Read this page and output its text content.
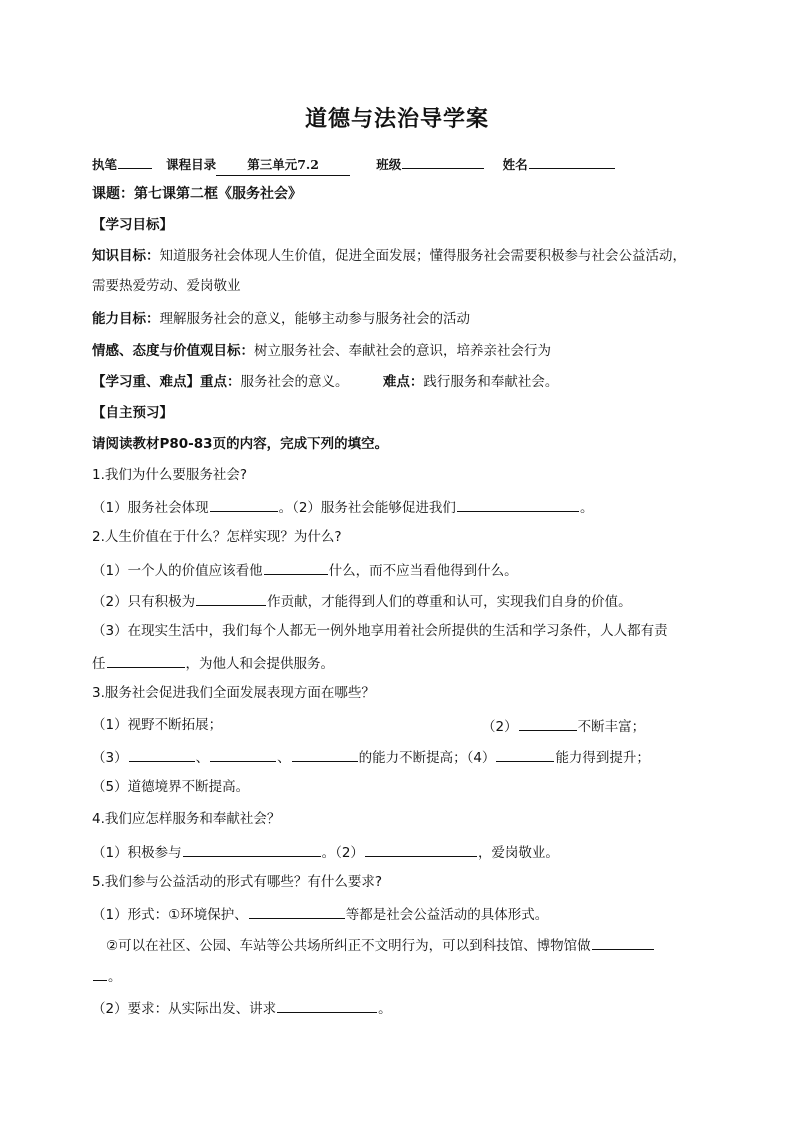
道德与法治导学案
执笔	课程目录 第三单元7.2	班级	姓名
课题：第七课第二框《服务社会》
【学习目标】
知识目标：知道服务社会体现人生价值，促进全面发展；懂得服务社会需要积极参与社会公益活动，
需要热爱劳动、爱岗敬业
能力目标：理解服务社会的意义，能够主动参与服务社会的活动
情感、态度与价值观目标：树立服务社会、奉献社会的意识，培养亲社会行为
【学习重、难点】重点：服务社会的意义。	难点：践行服务和奉献社会。
【自主预习】
请阅读教材P80-83页的内容，完成下列的填空。
1.我们为什么要服务社会?
（1）服务社会体现	。（2）服务社会能够促进我们	。
2.人生价值在于什么？怎样实现？为什么?
（1）一个人的价值应该看他	什么，而不应当看他得到什么。
（2）只有积极为	作贡献，才能得到人们的尊重和认可，实现我们自身的价值。
（3）在现实生活中，我们每个人都无一例外地享用着社会所提供的生活和学习条件，人人都有责
任	，为他人和会提供服务。
3.服务社会促进我们全面发展表现方面在哪些？
（1）视野不断拓展；	（2）	不断丰富；
（3）	、	、	的能力不断提高；（4）	能力得到提升；
（5）道德境界不断提高。
4.我们应怎样服务和奉献社会？
（1）积极参与	。（2）	，爱岗敬业。
5.我们参与公益活动的形式有哪些？有什么要求?
（1）形式：①环境保护、	等都是社会公益活动的具体形式。
②可以在社区、公园、车站等公共场所纠正不文明行为，可以到科技馆、博物馆做
。
（2）要求：从实际出发、讲求	。
